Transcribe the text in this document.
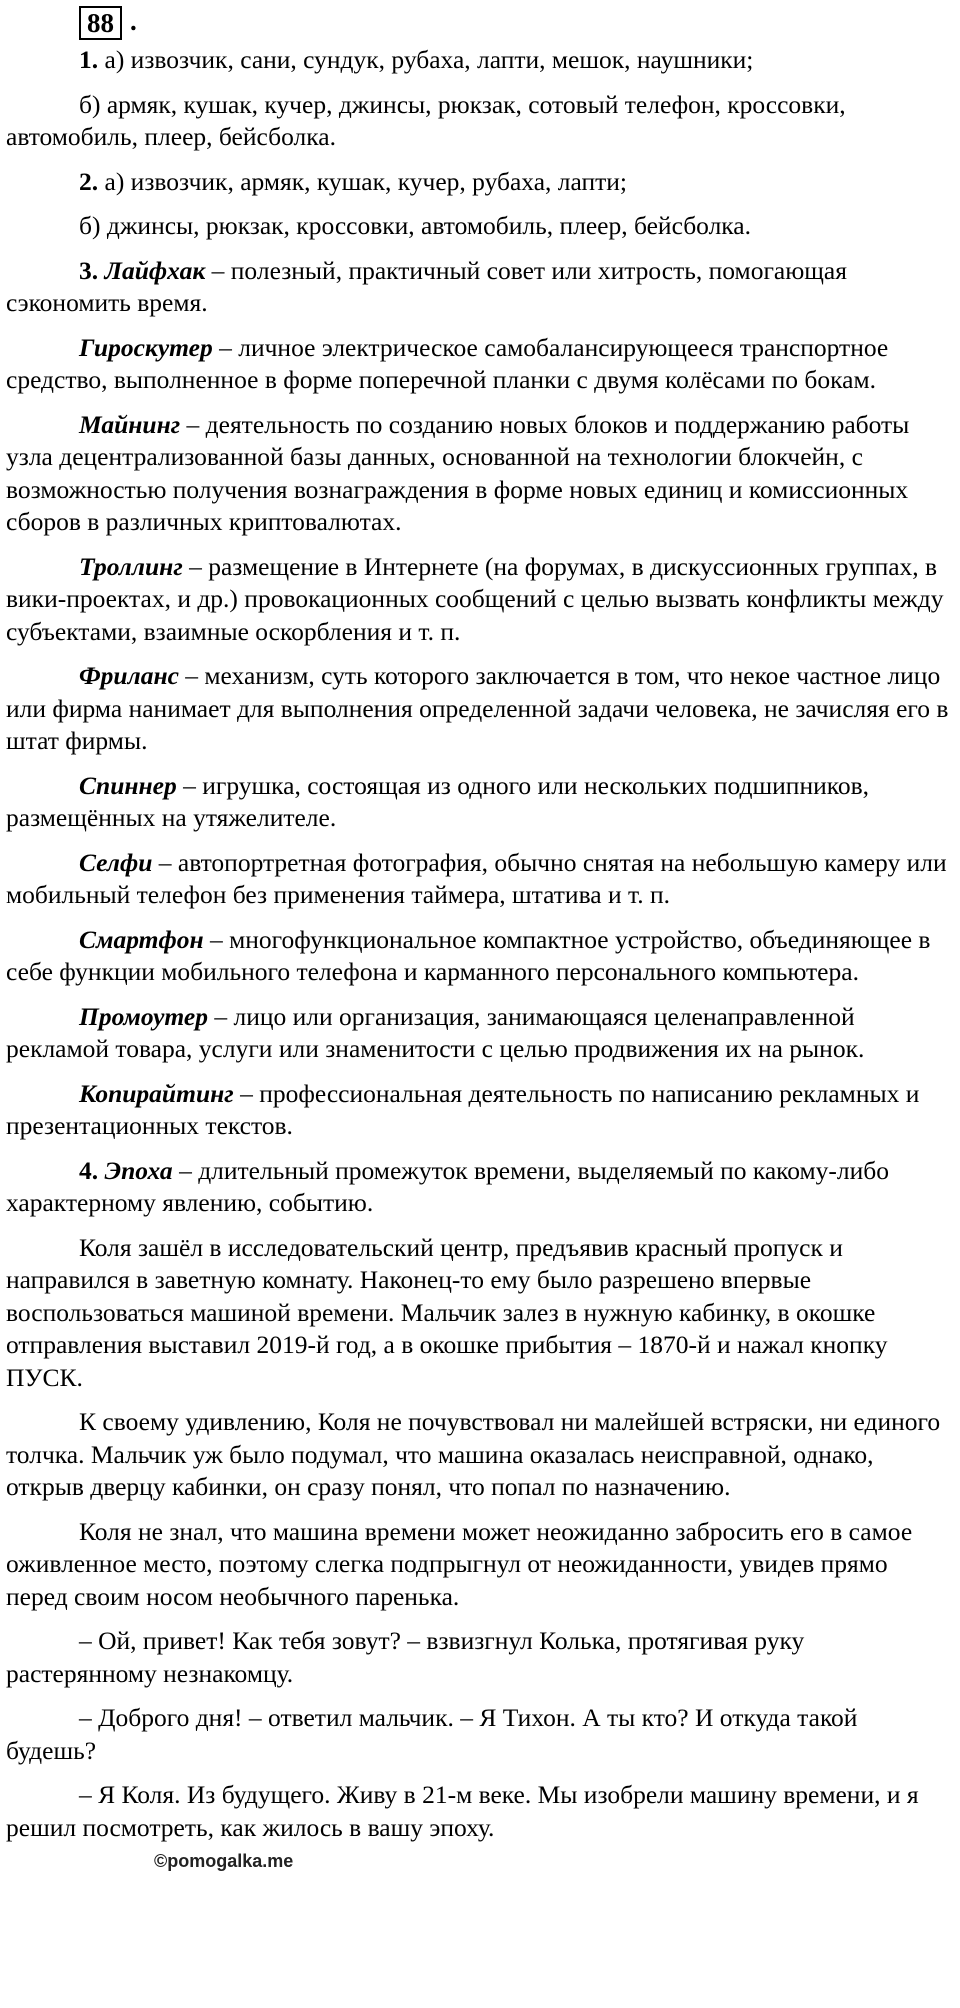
88 .

1. а) извозчик, сани, сундук, рубаха, лапти, мешок, наушники;

б) армяк, кушак, кучер, джинсы, рюкзак, сотовый телефон, кроссовки, автомобиль, плеер, бейсболка.

2. а) извозчик, армяк, кушак, кучер, рубаха, лапти;

б) джинсы, рюкзак, кроссовки, автомобиль, плеер, бейсболка.

3. Лайфхак – полезный, практичный совет или хитрость, помогающая сэкономить время.

Гироскутер – личное электрическое самобалансирующееся транспортное средство, выполненное в форме поперечной планки с двумя колёсами по бокам.

Майнинг – деятельность по созданию новых блоков и поддержанию работы узла децентрализованной базы данных, основанной на технологии блокчейн, с возможностью получения вознаграждения в форме новых единиц и комиссионных сборов в различных криптовалютах.

Троллинг – размещение в Интернете (на форумах, в дискуссионных группах, в вики-проектах, и др.) провокационных сообщений с целью вызвать конфликты между субъектами, взаимные оскорбления и т. п.

Фриланс – механизм, суть которого заключается в том, что некое частное лицо или фирма нанимает для выполнения определенной задачи человека, не зачисляя его в штат фирмы.

Спиннер – игрушка, состоящая из одного или нескольких подшипников, размещённых на утяжелителе.

Селфи – автопортретная фотография, обычно снятая на небольшую камеру или мобильный телефон без применения таймера, штатива и т. п.

Смартфон – многофункциональное компактное устройство, объединяющее в себе функции мобильного телефона и карманного персонального компьютера.

Промоутер – лицо или организация, занимающаяся целенаправленной рекламой товара, услуги или знаменитости с целью продвижения их на рынок.

Копирайтинг – профессиональная деятельность по написанию рекламных и презентационных текстов.

4. Эпоха – длительный промежуток времени, выделяемый по какому-либо характерному явлению, событию.

Коля зашёл в исследовательский центр, предъявив красный пропуск и направился в заветную комнату. Наконец-то ему было разрешено впервые воспользоваться машиной времени. Мальчик залез в нужную кабинку, в окошке отправления выставил 2019-й год, а в окошке прибытия – 1870-й и нажал кнопку ПУСК.

К своему удивлению, Коля не почувствовал ни малейшей встряски, ни единого толчка. Мальчик уж было подумал, что машина оказалась неисправной, однако, открыв дверцу кабинки, он сразу понял, что попал по назначению.

Коля не знал, что машина времени может неожиданно забросить его в самое оживленное место, поэтому слегка подпрыгнул от неожиданности, увидев прямо перед своим носом необычного паренька.

– Ой, привет! Как тебя зовут? – взвизгнул Колька, протягивая руку растерянному незнакомцу.

– Доброго дня! – ответил мальчик. – Я Тихон. А ты кто? И откуда такой будешь?

– Я Коля. Из будущего. Живу в 21-м веке. Мы изобрели машину времени, и я решил посмотреть, как жилось в вашу эпоху.

©pomogalka.me
